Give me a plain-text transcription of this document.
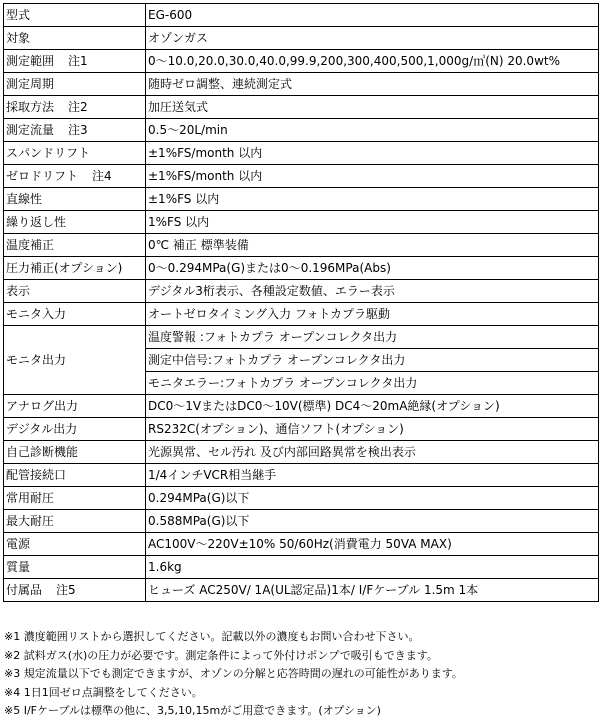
型式	EG-600
対象	オゾンガス
測定範囲 注1	0～10.0,20.0,30.0,40.0,99.9,200,300,400,500,1,000g/㎥(N) 20.0wt%
測定周期	随時ゼロ調整、連続測定式
採取方法 注2	加圧送気式
測定流量 注3	0.5～20L/min
スパンドリフト	±1%FS/month 以内
ゼロドリフト 注4	±1%FS/month 以内
直線性	±1%FS 以内
繰り返し性	1%FS 以内
温度補正	0℃ 補正 標準装備
圧力補正(オプション)	0～0.294MPa(G)または0～0.196MPa(Abs)
表示	デジタル3桁表示、各種設定数値、エラー表示
モニタ入力	オートゼロタイミング入力 フォトカプラ駆動
モニタ出力	温度警報 :フォトカプラ オープンコレクタ出力
	測定中信号:フォトカプラ オープンコレクタ出力
	モニタエラー:フォトカプラ オープンコレクタ出力
アナログ出力	DC0～1VまたはDC0～10V(標準) DC4～20mA絶縁(オプション)
デジタル出力	RS232C(オプション)、通信ソフト(オプション)
自己診断機能	光源異常、セル汚れ 及び内部回路異常を検出表示
配管接続口	1/4インチVCR相当継手
常用耐圧	0.294MPa(G)以下
最大耐圧	0.588MPa(G)以下
電源	AC100V～220V±10% 50/60Hz(消費電力 50VA MAX)
質量	1.6kg
付属品 注5	ヒューズ AC250V/ 1A(UL認定品)1本/ I/Fケーブル 1.5m 1本
※1 濃度範囲リストから選択してください。記載以外の濃度もお問い合わせ下さい。
※2 試料ガス(水)の圧力が必要です。測定条件によって外付けポンプで吸引もできます。
※3 規定流量以下でも測定できますが、オゾンの分解と応答時間の遅れの可能性があります。
※4 1日1回ゼロ点調整をしてください。
※5 I/Fケーブルは標準の他に、3,5,10,15mがご用意できます。(オプション)
